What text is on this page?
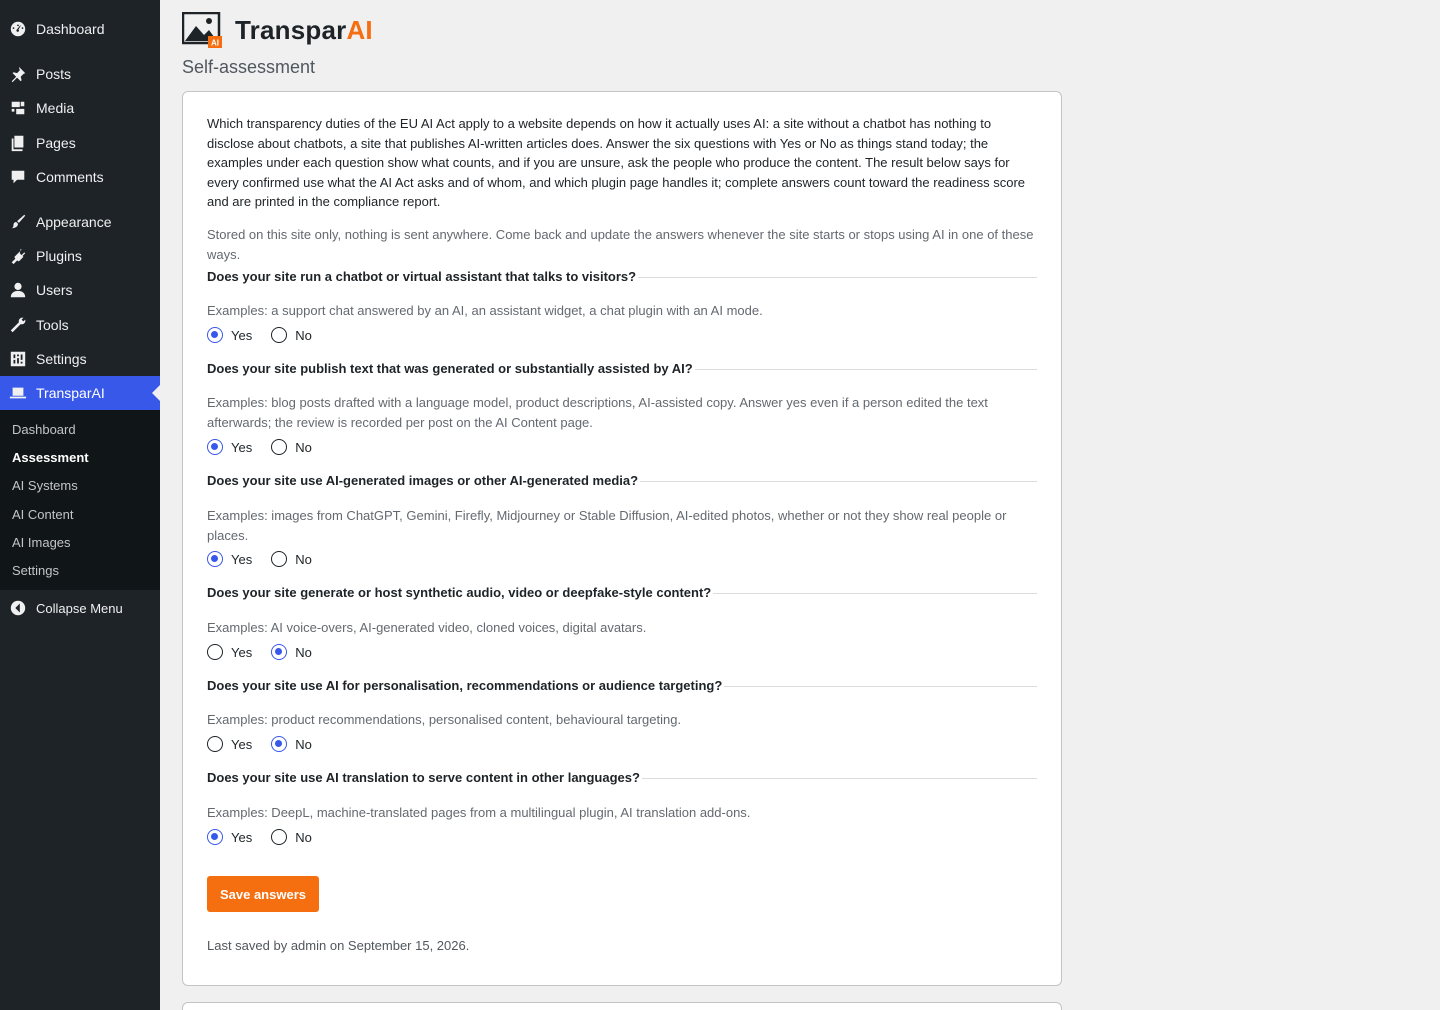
Dashboard
Posts
Media
Pages
Comments
Appearance
Plugins
Users
Tools
Settings
TransparAI
Dashboard
Assessment
AI Systems
AI Content
AI Images
Settings
Collapse Menu
AI TransparAI
Self-assessment

Which transparency duties of the EU AI Act apply to a website depends on how it actually uses AI: a site without a chatbot has nothing to disclose about chatbots, a site that publishes AI-written articles does. Answer the six questions with Yes or No as things stand today; the examples under each question show what counts, and if you are unsure, ask the people who produce the content. The result below says for every confirmed use what the AI Act asks and of whom, and which plugin page handles it; complete answers count toward the readiness score and are printed in the compliance report.

Stored on this site only, nothing is sent anywhere. Come back and update the answers whenever the site starts or stops using AI in one of these ways.

Does your site run a chatbot or virtual assistant that talks to visitors?
Examples: a support chat answered by an AI, an assistant widget, a chat plugin with an AI mode.
Yes	No
Does your site publish text that was generated or substantially assisted by AI?
Examples: blog posts drafted with a language model, product descriptions, AI-assisted copy. Answer yes even if a person edited the text afterwards; the review is recorded per post on the AI Content page.
Yes	No
Does your site use AI-generated images or other AI-generated media?
Examples: images from ChatGPT, Gemini, Firefly, Midjourney or Stable Diffusion, AI-edited photos, whether or not they show real people or places.
Yes	No
Does your site generate or host synthetic audio, video or deepfake-style content?
Examples: AI voice-overs, AI-generated video, cloned voices, digital avatars.
Yes	No
Does your site use AI for personalisation, recommendations or audience targeting?
Examples: product recommendations, personalised content, behavioural targeting.
Yes	No
Does your site use AI translation to serve content in other languages?
Examples: DeepL, machine-translated pages from a multilingual plugin, AI translation add-ons.
Yes	No
Save answers
Last saved by admin on September 15, 2026.
